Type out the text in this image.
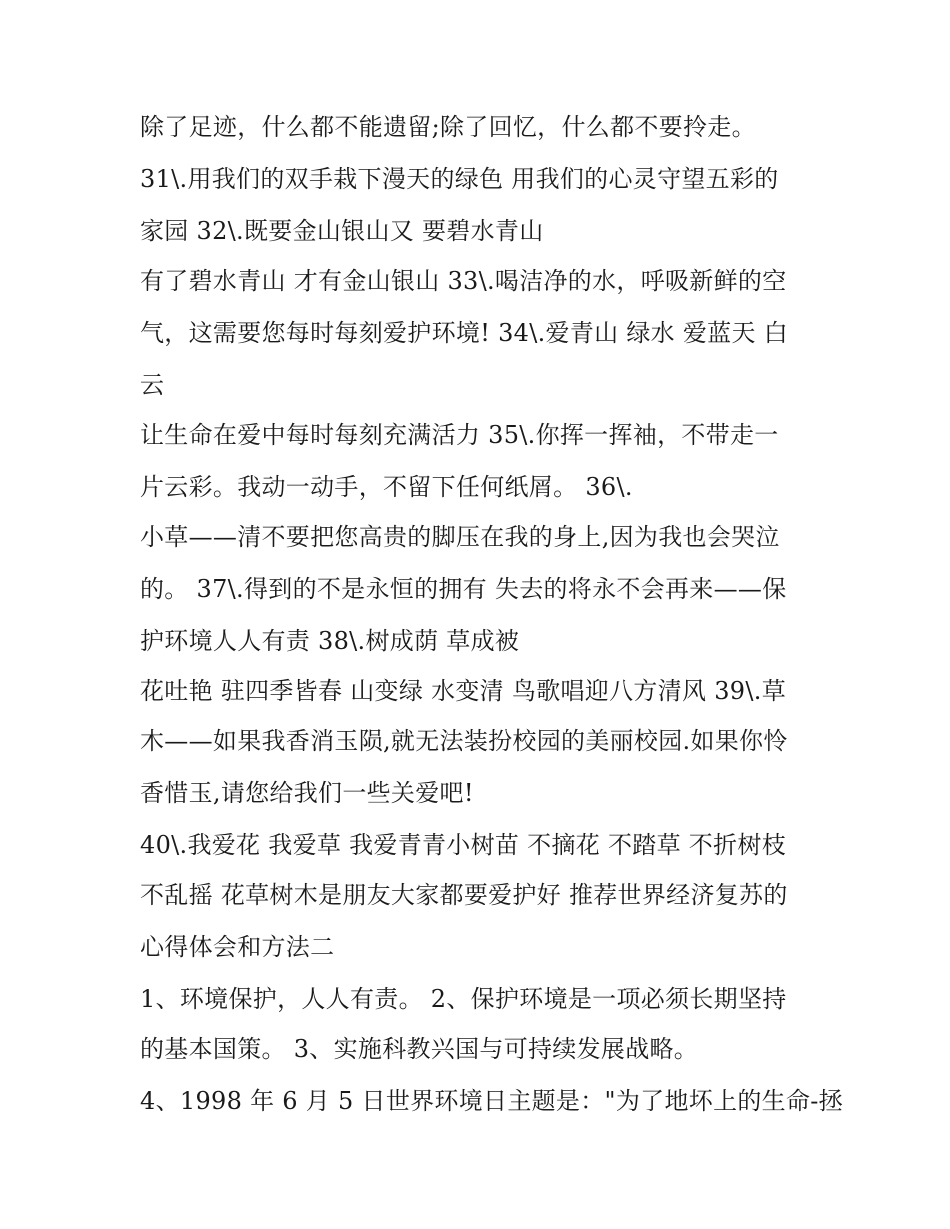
除了足迹，什么都不能遗留;除了回忆，什么都不要拎走。
31\.用我们的双手栽下漫天的绿色 用我们的心灵守望五彩的
家园 32\.既要金山银山又 要碧水青山
有了碧水青山 才有金山银山 33\.喝洁净的水，呼吸新鲜的空
气，这需要您每时每刻爱护环境! 34\.爱青山 绿水 爱蓝天 白
云
让生命在爱中每时每刻充满活力 35\.你挥一挥袖，不带走一
片云彩。我动一动手，不留下任何纸屑。 36\.
小草——清不要把您高贵的脚压在我的身上,因为我也会哭泣
的。 37\.得到的不是永恒的拥有 失去的将永不会再来——保
护环境人人有责 38\.树成荫 草成被
花吐艳 驻四季皆春 山变绿 水变清 鸟歌唱迎八方清风 39\.草
木——如果我香消玉陨,就无法装扮校园的美丽校园.如果你怜
香惜玉,请您给我们一些关爱吧!
40\.我爱花 我爱草 我爱青青小树苗 不摘花 不踏草 不折树枝
不乱摇 花草树木是朋友大家都要爱护好 推荐世界经济复苏的
心得体会和方法二
1、环境保护，人人有责。 2、保护环境是一项必须长期坚持
的基本国策。 3、实施科教兴国与可持续发展战略。
4、1998 年 6 月 5 日世界环境日主题是："为了地坏上的生命-拯
